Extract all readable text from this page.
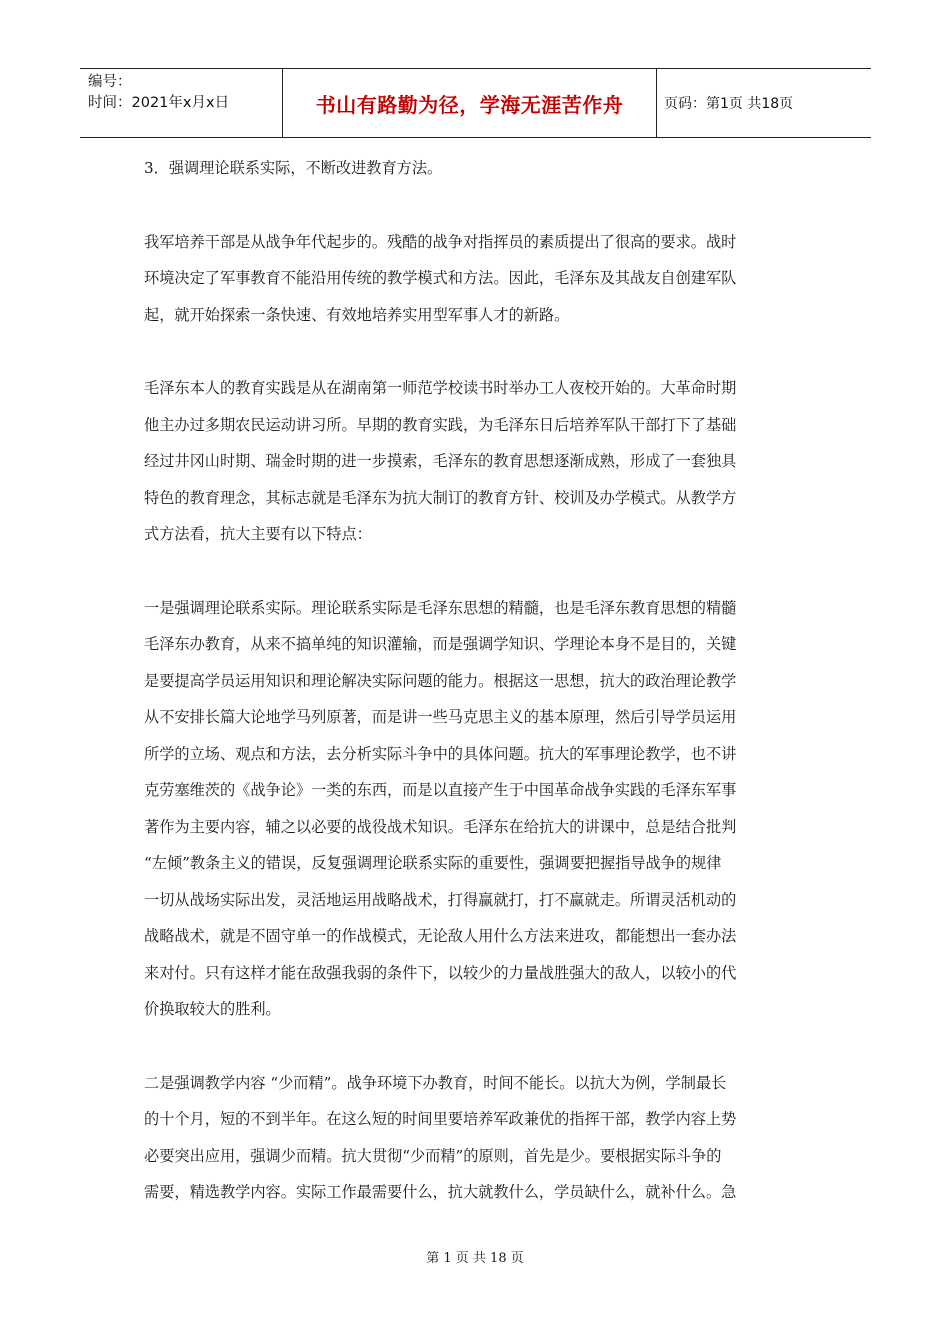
编号：
时间：2021年x月x日	书山有路勤为径，学海无涯苦作舟	页码：第1页 共18页

3．强调理论联系实际，不断改进教育方法。

我军培养干部是从战争年代起步的。残酷的战争对指挥员的素质提出了很高的要求。战时
环境决定了军事教育不能沿用传统的教学模式和方法。因此，毛泽东及其战友自创建军队
起，就开始探索一条快速、有效地培养实用型军事人才的新路。

毛泽东本人的教育实践是从在湖南第一师范学校读书时举办工人夜校开始的。大革命时期
他主办过多期农民运动讲习所。早期的教育实践，为毛泽东日后培养军队干部打下了基础
经过井冈山时期、瑞金时期的进一步摸索，毛泽东的教育思想逐渐成熟，形成了一套独具
特色的教育理念，其标志就是毛泽东为抗大制订的教育方针、校训及办学模式。从教学方
式方法看，抗大主要有以下特点：

一是强调理论联系实际。理论联系实际是毛泽东思想的精髓，也是毛泽东教育思想的精髓
毛泽东办教育，从来不搞单纯的知识灌输，而是强调学知识、学理论本身不是目的，关键
是要提高学员运用知识和理论解决实际问题的能力。根据这一思想，抗大的政治理论教学
从不安排长篇大论地学马列原著，而是讲一些马克思主义的基本原理，然后引导学员运用
所学的立场、观点和方法，去分析实际斗争中的具体问题。抗大的军事理论教学，也不讲
克劳塞维茨的《战争论》一类的东西，而是以直接产生于中国革命战争实践的毛泽东军事
著作为主要内容，辅之以必要的战役战术知识。毛泽东在给抗大的讲课中，总是结合批判
“左倾”教条主义的错误，反复强调理论联系实际的重要性，强调要把握指导战争的规律
一切从战场实际出发，灵活地运用战略战术，打得赢就打，打不赢就走。所谓灵活机动的
战略战术，就是不固守单一的作战模式，无论敌人用什么方法来进攻，都能想出一套办法
来对付。只有这样才能在敌强我弱的条件下，以较少的力量战胜强大的敌人，以较小的代
价换取较大的胜利。

二是强调教学内容 “少而精”。战争环境下办教育，时间不能长。以抗大为例，学制最长
的十个月，短的不到半年。在这么短的时间里要培养军政兼优的指挥干部，教学内容上势
必要突出应用，强调少而精。抗大贯彻“少而精”的原则，首先是少。要根据实际斗争的
需要，精选教学内容。实际工作最需要什么，抗大就教什么，学员缺什么，就补什么。急

第 1 页 共 18 页
